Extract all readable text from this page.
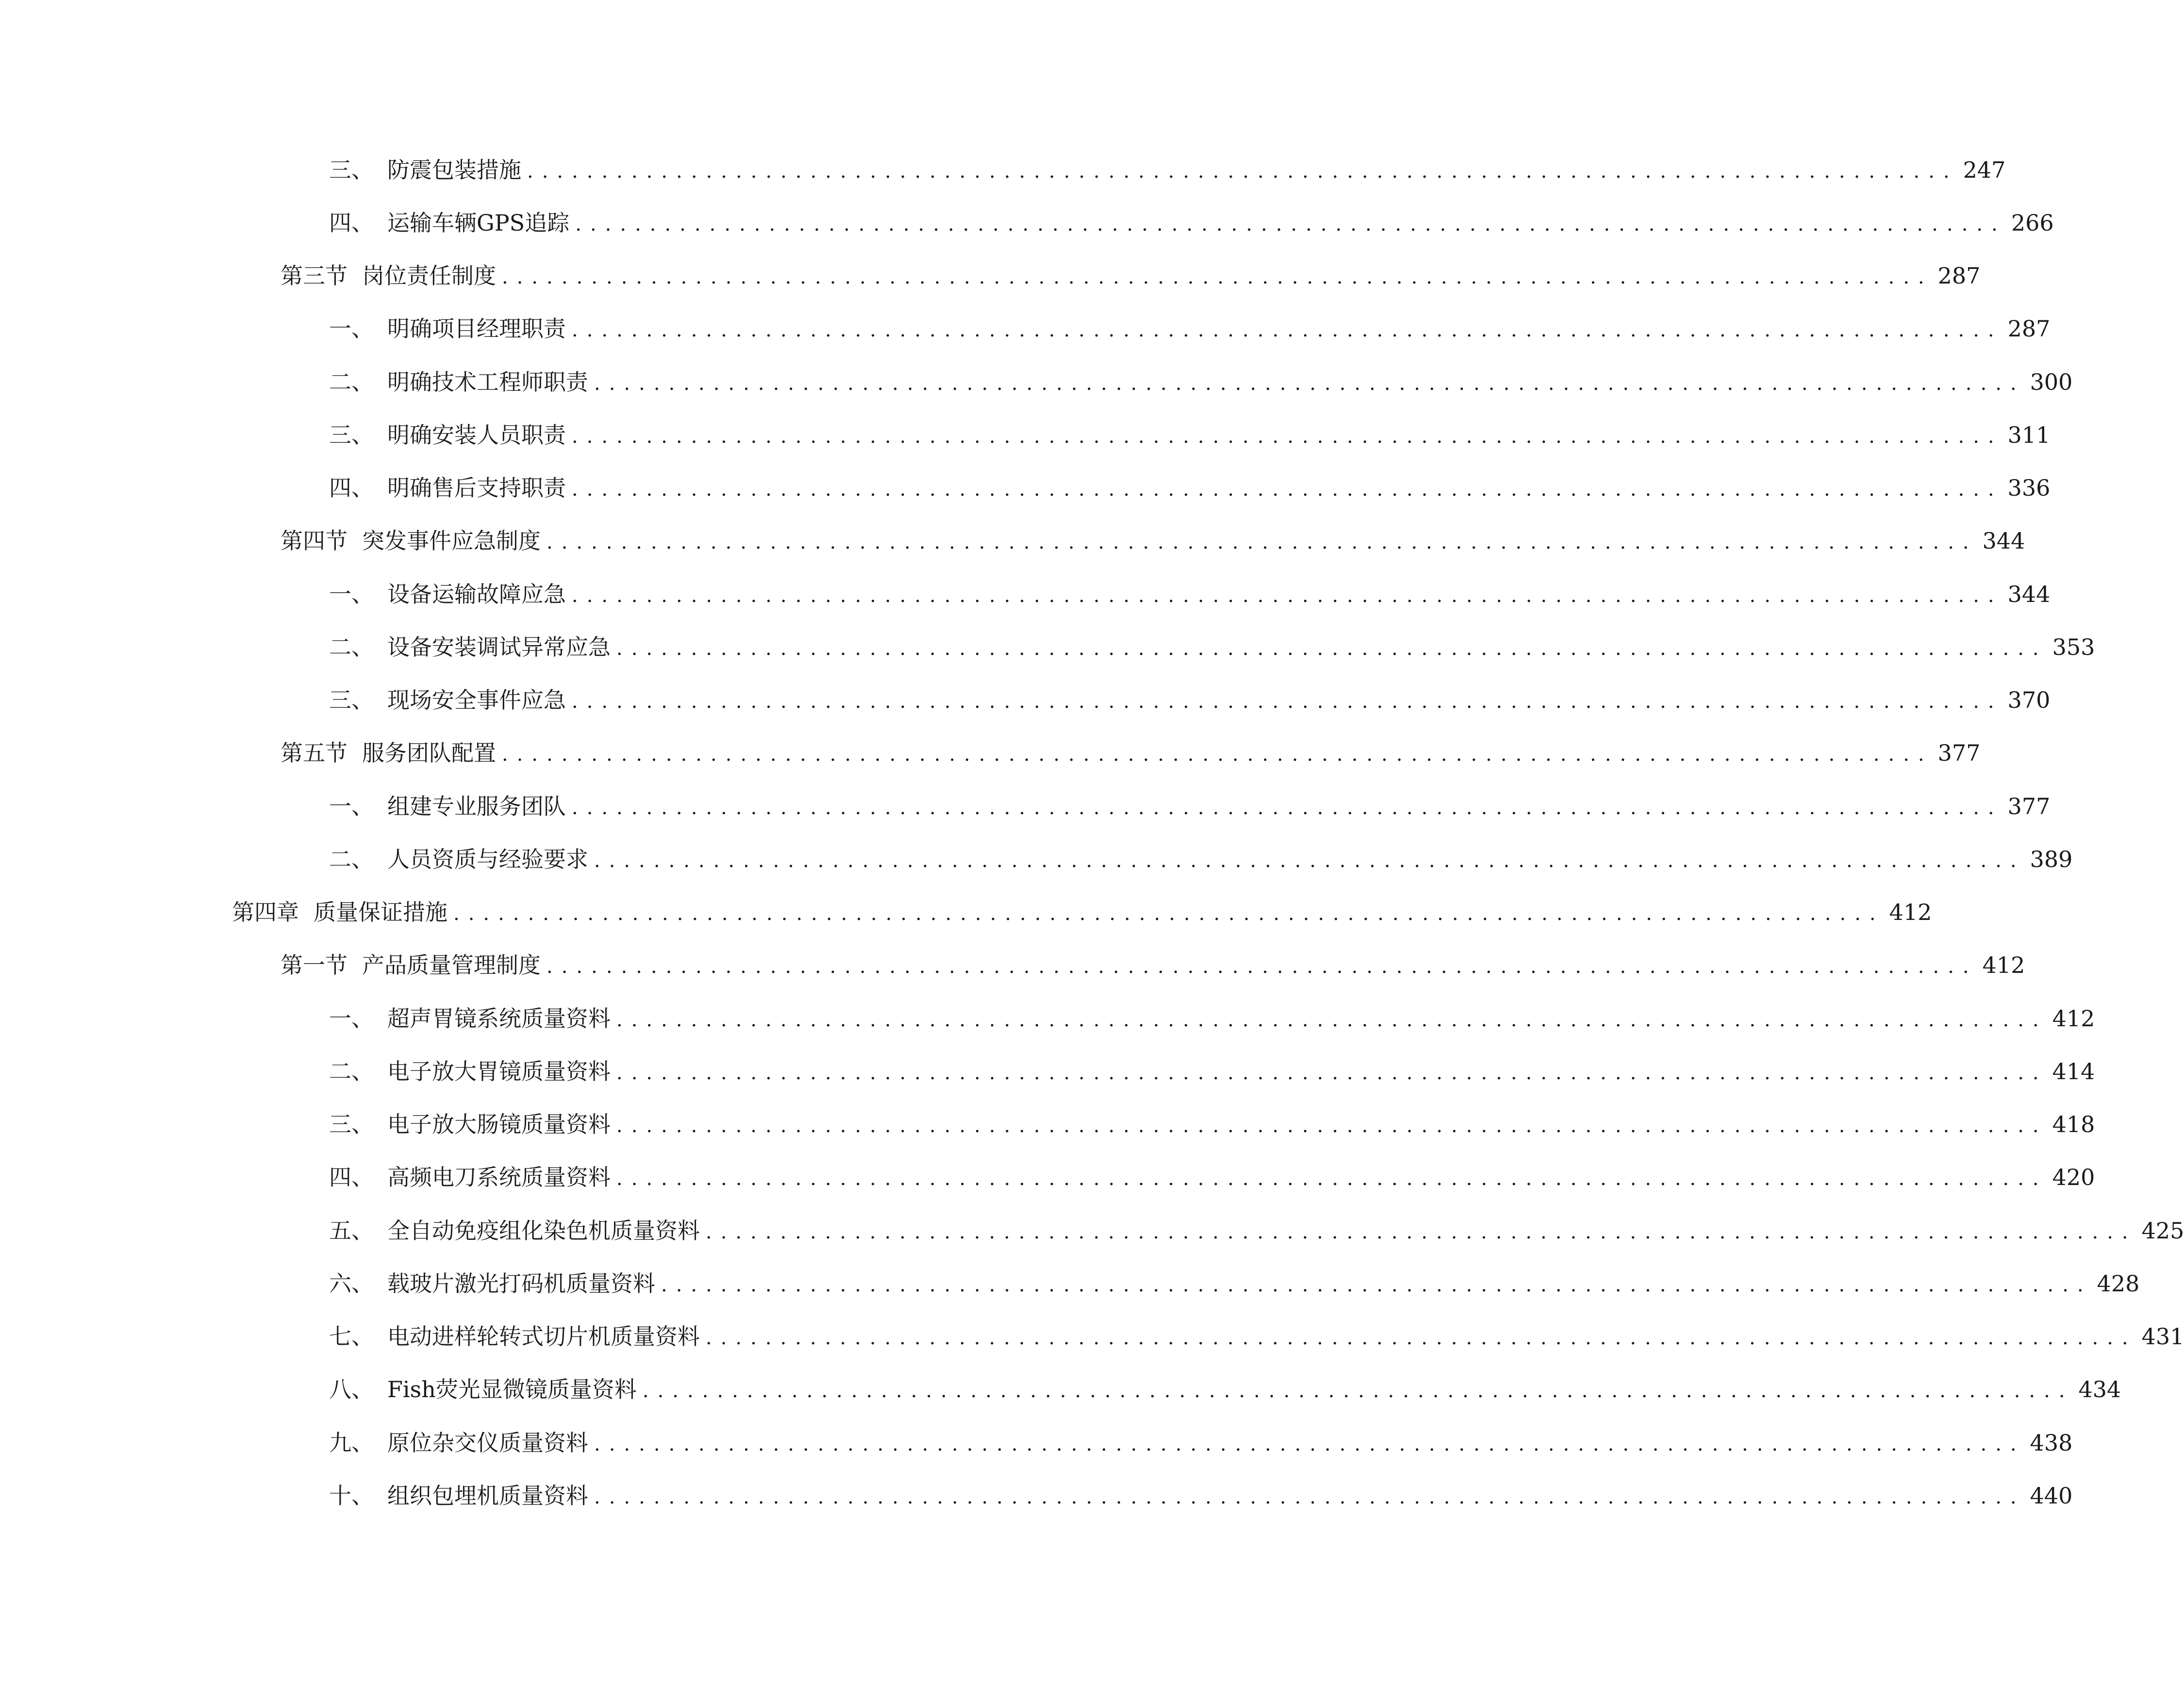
三、 防震包装措施 ................................................................................................ 247
四、 运输车辆GPS追踪 ................................................................................................ 266
第三节 岗位责任制度 ................................................................................................ 287
一、 明确项目经理职责 ................................................................................................ 287
二、 明确技术工程师职责 ................................................................................................ 300
三、 明确安装人员职责 ................................................................................................ 311
四、 明确售后支持职责 ................................................................................................ 336
第四节 突发事件应急制度 ................................................................................................ 344
一、 设备运输故障应急 ................................................................................................ 344
二、 设备安装调试异常应急 ................................................................................................ 353
三、 现场安全事件应急 ................................................................................................ 370
第五节 服务团队配置 ................................................................................................ 377
一、 组建专业服务团队 ................................................................................................ 377
二、 人员资质与经验要求 ................................................................................................ 389
第四章 质量保证措施 ................................................................................................ 412
第一节 产品质量管理制度 ................................................................................................ 412
一、 超声胃镜系统质量资料 ................................................................................................ 412
二、 电子放大胃镜质量资料 ................................................................................................ 414
三、 电子放大肠镜质量资料 ................................................................................................ 418
四、 高频电刀系统质量资料 ................................................................................................ 420
五、 全自动免疫组化染色机质量资料 ................................................................................................ 425
六、 载玻片激光打码机质量资料 ................................................................................................ 428
七、 电动进样轮转式切片机质量资料 ................................................................................................ 431
八、 Fish荧光显微镜质量资料 ................................................................................................ 434
九、 原位杂交仪质量资料 ................................................................................................ 438
十、 组织包埋机质量资料 ................................................................................................ 440
